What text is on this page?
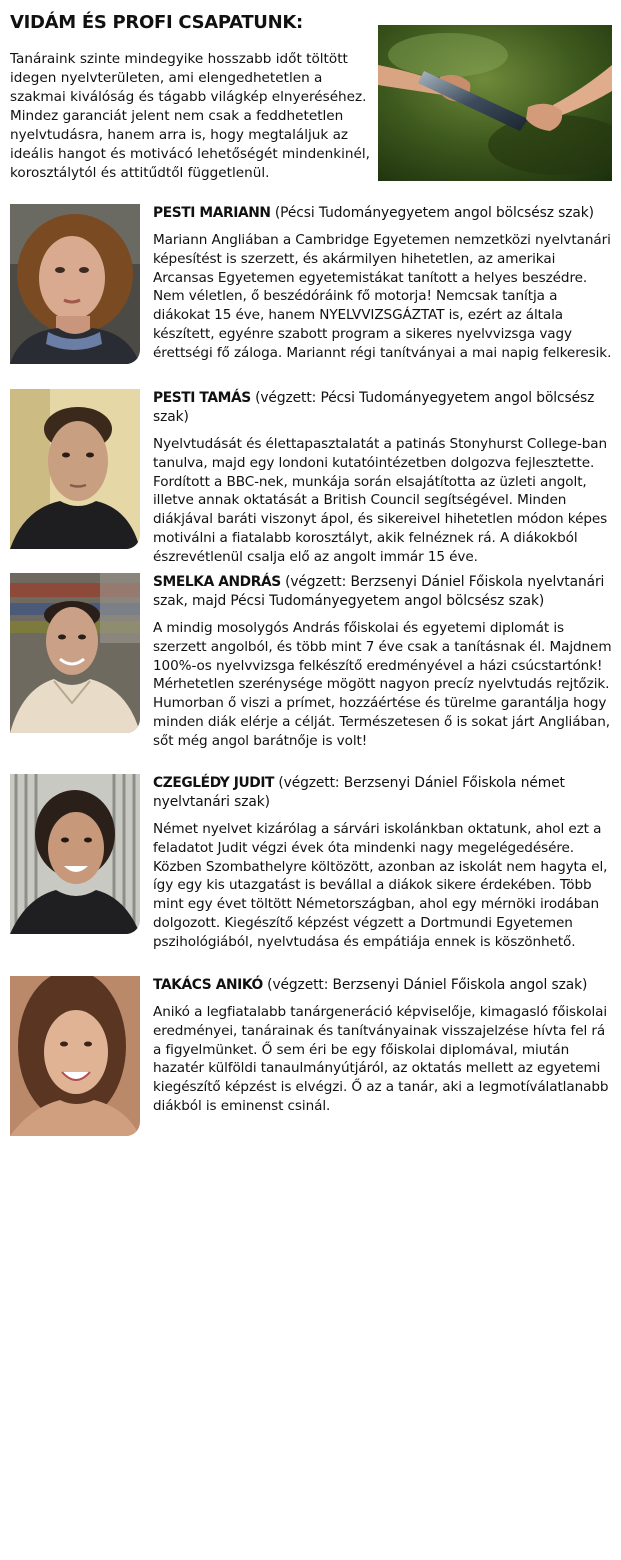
VIDÁM ÉS PROFI CSAPATUNK:

Tanáraink szinte mindegyike hosszabb időt töltött idegen nyelvterületen, ami elengedhetetlen a szakmai kiválóság és tágabb világkép elnyeréséhez. Mindez garanciát jelent nem csak a feddhetetlen nyelvtudásra, hanem arra is, hogy megtaláljuk az ideális hangot és motivácó lehetőségét mindenkinél, korosztálytól és attitűdtől függetlenül.

PESTI MARIANN (Pécsi Tudományegyetem angol bölcsész szak)

Mariann Angliában a Cambridge Egyetemen nemzetközi nyelvtanári képesítést is szerzett, és akármilyen hihetetlen, az amerikai Arcansas Egyetemen egyetemistákat tanított a helyes beszédre. Nem véletlen, ő beszédóráink fő motorja! Nemcsak tanítja a diákokat 15 éve, hanem NYELVVIZSGÁZTAT is, ezért az általa készített, egyénre szabott program a sikeres nyelvvizsga vagy érettségi fő záloga. Mariannt régi tanítványai a mai napig felkeresik.

PESTI TAMÁS (végzett: Pécsi Tudományegyetem angol bölcsész szak)

Nyelvtudását és élettapasztalatát a patinás Stonyhurst College-ban tanulva, majd egy londoni kutatóintézetben dolgozva fejlesztette. Fordított a BBC-nek, munkája során elsajátította az üzleti angolt, illetve annak oktatását a British Council segítségével. Minden diákjával baráti viszonyt ápol, és sikereivel hihetetlen módon képes motiválni a fiatalabb korosztályt, akik felnéznek rá. A diákokból észrevétlenül csalja elő az angolt immár 15 éve.

SMELKA ANDRÁS (végzett: Berzsenyi Dániel Főiskola nyelvtanári szak, majd Pécsi Tudományegyetem angol bölcsész szak)

A mindig mosolygós András főiskolai és egyetemi diplomát is szerzett angolból, és több mint 7 éve csak a tanításnak él. Majdnem 100%-os nyelvvizsga felkészítő eredményével a házi csúcstartónk! Mérhetetlen szerénysége mögött nagyon precíz nyelvtudás rejtőzik. Humorban ő viszi a prímet, hozzáértése és türelme garantálja hogy minden diák elérje a célját. Természetesen ő is sokat járt Angliában, sőt még angol barátnője is volt!

CZEGLÉDY JUDIT (végzett: Berzsenyi Dániel Főiskola német nyelvtanári szak)

Német nyelvet kizárólag a sárvári iskolánkban oktatunk, ahol ezt a feladatot Judit végzi évek óta mindenki nagy megelégedésére. Közben Szombathelyre költözött, azonban az iskolát nem hagyta el, így egy kis utazgatást is bevállal a diákok sikere érdekében. Több mint egy évet töltött Németországban, ahol egy mérnöki irodában dolgozott. Kiegészítő képzést végzett a Dortmundi Egyetemen pszihológiából, nyelvtudása és empátiája ennek is köszönhető.

TAKÁCS ANIKÓ (végzett: Berzsenyi Dániel Főiskola angol szak)

Anikó a legfiatalabb tanárgeneráció képviselője, kimagasló főiskolai eredményei, tanárainak és tanítványainak visszajelzése hívta fel rá a figyelmünket. Ő sem éri be egy főiskolai diplomával, miután hazatér külföldi tanaulmányútjáról, az oktatás mellett az egyetemi kiegészítő képzést is elvégzi. Ő az a tanár, aki a legmotíválatlanabb diákból is eminenst csinál.
